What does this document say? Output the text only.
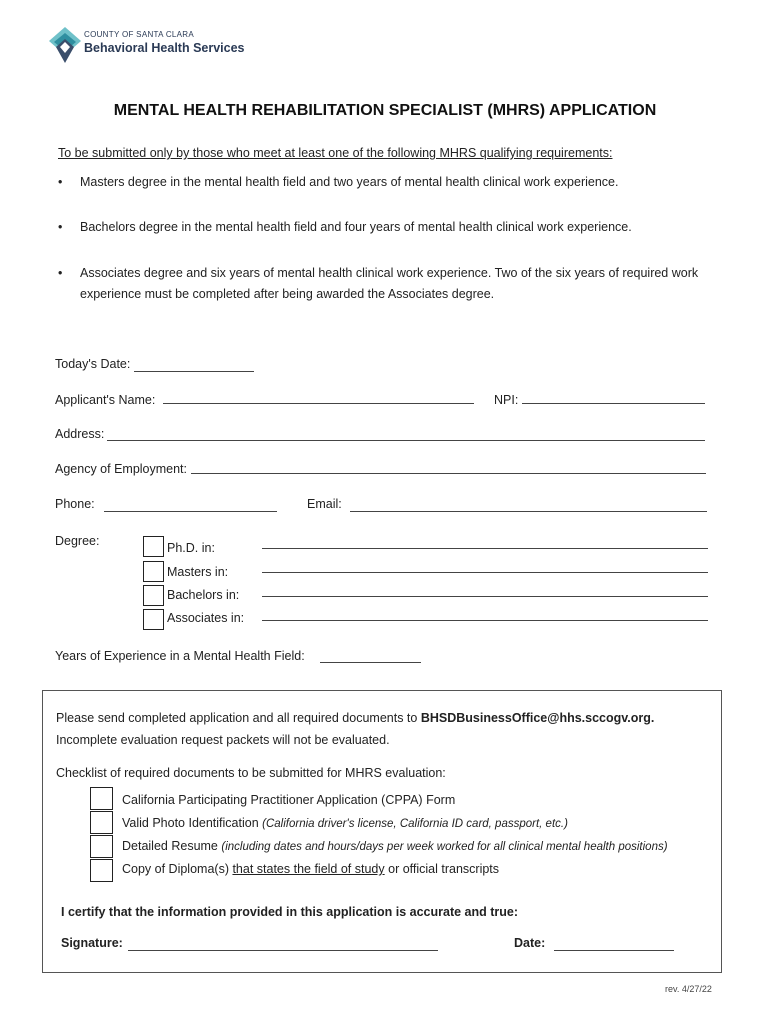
COUNTY OF SANTA CLARA
Behavioral Health Services
MENTAL HEALTH REHABILITATION SPECIALIST (MHRS) APPLICATION
To be submitted only by those who meet at least one of the following MHRS qualifying requirements:
•	Masters degree in the mental health field and two years of mental health clinical work experience.
•	Bachelors degree in the mental health field and four years of mental health clinical work experience.
•	Associates degree and six years of mental health clinical work experience. Two of the six years of required work experience must be completed after being awarded the Associates degree.
Today's Date:
Applicant's Name:	NPI:
Address:
Agency of Employment:
Phone:	Email:
Degree:	Ph.D. in:
Masters in:
Bachelors in:
Associates in:
Years of Experience in a Mental Health Field:
Please send completed application and all required documents to BHSDBusinessOffice@hhs.sccogv.org.
Incomplete evaluation request packets will not be evaluated.
Checklist of required documents to be submitted for MHRS evaluation:
California Participating Practitioner Application (CPPA) Form
Valid Photo Identification (California driver's license, California ID card, passport, etc.)
Detailed Resume (including dates and hours/days per week worked for all clinical mental health positions)
Copy of Diploma(s) that states the field of study or official transcripts
I certify that the information provided in this application is accurate and true:
Signature:	Date:
rev. 4/27/22
